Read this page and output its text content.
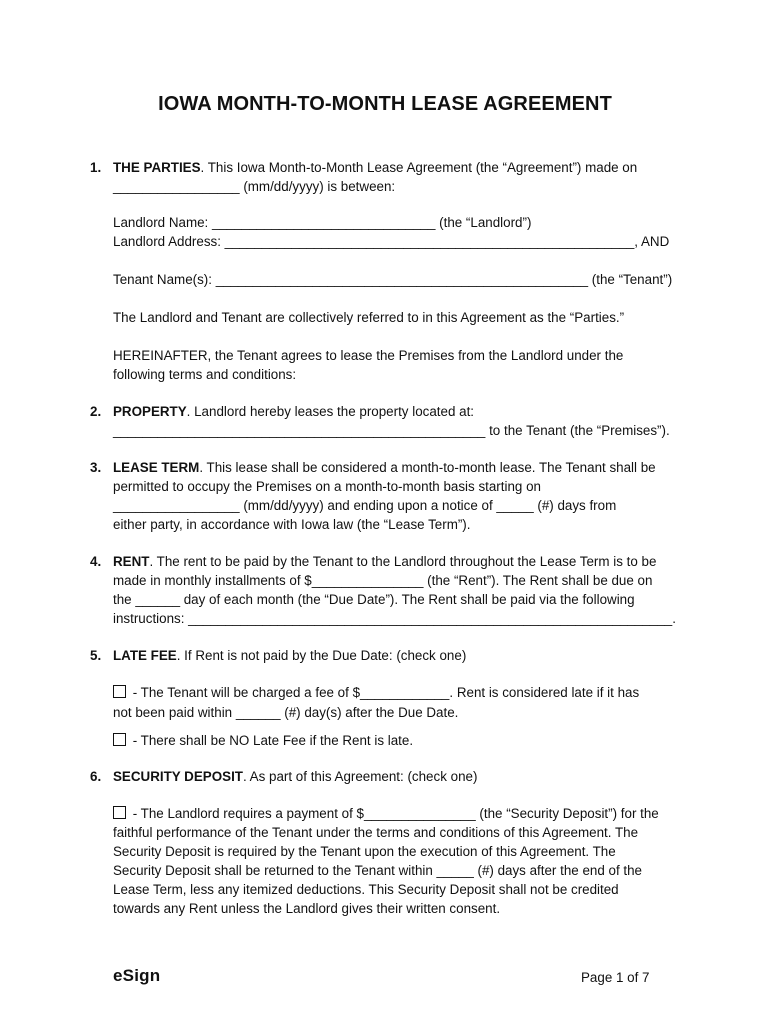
IOWA MONTH-TO-MONTH LEASE AGREEMENT
1. THE PARTIES. This Iowa Month-to-Month Lease Agreement (the “Agreement”) made on
_________________ (mm/dd/yyyy) is between:
Landlord Name: ______________________________ (the “Landlord”)
Landlord Address: _______________________________________________________, AND
Tenant Name(s): __________________________________________________ (the “Tenant”)
The Landlord and Tenant are collectively referred to in this Agreement as the “Parties.”
HEREINAFTER, the Tenant agrees to lease the Premises from the Landlord under the
following terms and conditions:
2. PROPERTY. Landlord hereby leases the property located at:
__________________________________________________ to the Tenant (the “Premises”).
3. LEASE TERM. This lease shall be considered a month-to-month lease. The Tenant shall be
permitted to occupy the Premises on a month-to-month basis starting on
_________________ (mm/dd/yyyy) and ending upon a notice of _____ (#) days from
either party, in accordance with Iowa law (the “Lease Term”).
4. RENT. The rent to be paid by the Tenant to the Landlord throughout the Lease Term is to be
made in monthly installments of $_______________ (the “Rent”). The Rent shall be due on
the ______ day of each month (the “Due Date”). The Rent shall be paid via the following
instructions: _________________________________________________________________.
5. LATE FEE. If Rent is not paid by the Due Date: (check one)
- The Tenant will be charged a fee of $____________. Rent is considered late if it has
not been paid within ______ (#) day(s) after the Due Date.
- There shall be NO Late Fee if the Rent is late.
6. SECURITY DEPOSIT. As part of this Agreement: (check one)
- The Landlord requires a payment of $_______________ (the “Security Deposit”) for the
faithful performance of the Tenant under the terms and conditions of this Agreement. The
Security Deposit is required by the Tenant upon the execution of this Agreement. The
Security Deposit shall be returned to the Tenant within _____ (#) days after the end of the
Lease Term, less any itemized deductions. This Security Deposit shall not be credited
towards any Rent unless the Landlord gives their written consent.
eSign	Page 1 of 7
